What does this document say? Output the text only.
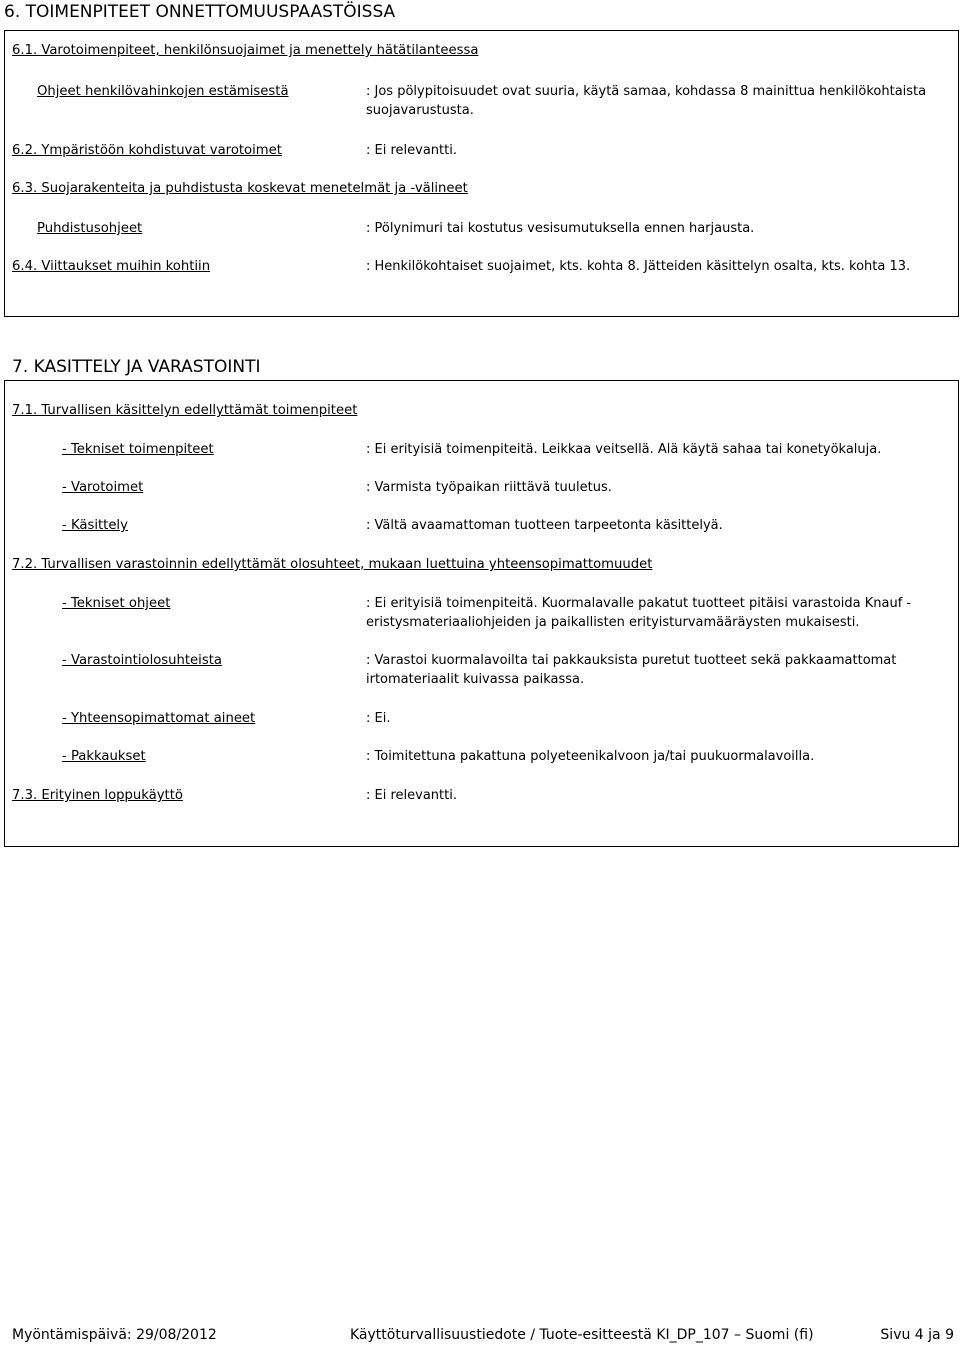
6. TOIMENPITEET ONNETTOMUUSPAASTÖISSA
6.1. Varotoimenpiteet, henkilönsuojaimet ja menettely hätätilanteessa
Ohjeet henkilövahinkojen estämisestä	: Jos pölypitoisuudet ovat suuria, käytä samaa, kohdassa 8 mainittua henkilökohtaista
suojavarustusta.
6.2. Ympäristöön kohdistuvat varotoimet	: Ei relevantti.
6.3. Suojarakenteita ja puhdistusta koskevat menetelmät ja -välineet
Puhdistusohjeet	: Pölynimuri tai kostutus vesisumutuksella ennen harjausta.
6.4. Viittaukset muihin kohtiin	: Henkilökohtaiset suojaimet, kts. kohta 8. Jätteiden käsittelyn osalta, kts. kohta 13.
7. KASITTELY JA VARASTOINTI
7.1. Turvallisen käsittelyn edellyttämät toimenpiteet
- Tekniset toimenpiteet	: Ei erityisiä toimenpiteitä. Leikkaa veitsellä. Alä käytä sahaa tai konetyökaluja.
- Varotoimet	: Varmista työpaikan riittävä tuuletus.
- Käsittely	: Vältä avaamattoman tuotteen tarpeetonta käsittelyä.
7.2. Turvallisen varastoinnin edellyttämät olosuhteet, mukaan luettuina yhteensopimattomuudet
- Tekniset ohjeet	: Ei erityisiä toimenpiteitä. Kuormalavalle pakatut tuotteet pitäisi varastoida Knauf -
eristysmateriaaliohjeiden ja paikallisten erityisturvamääräysten mukaisesti.
- Varastointiolosuhteista	: Varastoi kuormalavoilta tai pakkauksista puretut tuotteet sekä pakkaamattomat
irtomateriaalit kuivassa paikassa.
- Yhteensopimattomat aineet	: Ei.
- Pakkaukset	: Toimitettuna pakattuna polyeteenikalvoon ja/tai puukuormalavoilla.
7.3. Erityinen loppukäyttö	: Ei relevantti.
Myöntämispäivä: 29/08/2012	Käyttöturvallisuustiedote / Tuote-esitteestä KI_DP_107 – Suomi (fi)	Sivu 4 ja 9
